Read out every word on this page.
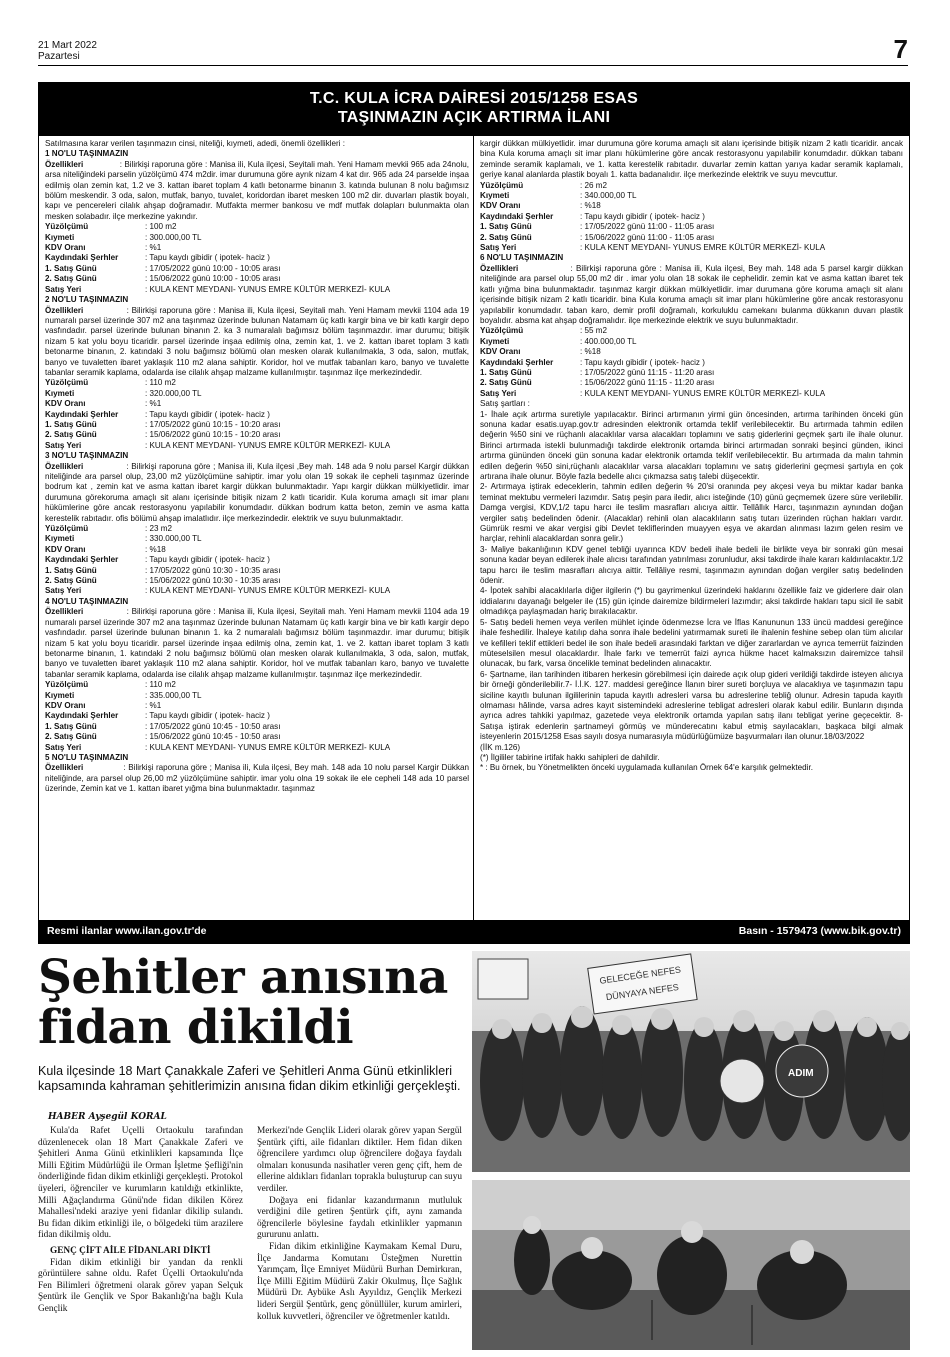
21 Mart 2022
Pazartesi	7
T.C. KULA İCRA DAİRESİ 2015/1258 ESAS
TAŞINMAZIN AÇIK ARTIRMA İLANI

Satılmasına karar verilen taşınmazın cinsi, niteliği, kıymeti, adedi, önemli özellikleri :

1 NO'LU TAŞINMAZIN

Özellikleri	: Bilirkişi raporuna göre : Manisa ili, Kula ilçesi, Seyitali mah. Yeni Hamam mevkii 965 ada 24nolu, arsa niteliğindeki parselin yüzölçümü 474 m2dir. imar durumuna göre ayrık nizam 4 kat dır. 965 ada 24 parselde inşaa edilmiş olan zemin kat, 1.2 ve 3. kattan ibaret toplam 4 katlı betonarme binanın 3. katında bulunan 8 nolu bağımsız bölüm meskendir. 3 oda, salon, mutfak, banyo, tuvalet, koridordan ibaret mesken 100 m2 dir. duvarları plastik boyalı, kapı ve pencereleri cilalık ahşap doğramadır. Mutfakta mermer bankosu ve mdf mutfak dolapları bulunmakta olan mesken solabadır. ilçe merkezine yakındır.

Yüzölçümü	: 100 m2
Kıymeti	: 300.000,00 TL
KDV Oranı	: %1
Kaydındaki Şerhler	: Tapu kaydı gibidir ( ipotek- haciz )
1. Satış Günü	: 17/05/2022 günü 10:00 - 10:05 arası
2. Satış Günü	: 15/06/2022 günü 10:00 - 10:05 arası
Satış Yeri	: KULA KENT MEYDANI- YUNUS EMRE KÜLTÜR MERKEZİ- KULA

2 NO'LU TAŞINMAZIN

Özellikleri	: Bilirkişi raporuna göre : Manisa ili, Kula ilçesi, Seyitali mah. Yeni Hamam mevkii 1104 ada 19 numaralı parsel üzerinde 307 m2 ana taşınmaz üzerinde bulunan Natamam üç katlı kargir bina ve bir katlı kargir depo vasfındadır. parsel üzerinde bulunan binanın 2. ka 3 numaralalı bağımsız bölüm taşınmazdır. imar durumu; bitişik nizam 5 kat yolu boyu ticaridir. parsel üzerinde inşaa edilmiş olna, zemin kat, 1. ve 2. kattan ibaret toplam 3 katlı betonarme binanın, 2. katındaki 3 nolu bağımsız bölümü olan mesken olarak kullanılmakla, 3 oda, salon, mutfak, banyo ve tuvaletten ibaret yaklaşık 110 m2 alana sahiptir. Koridor, hol ve mutfak tabanları karo, banyo ve tuvalette tabanlar seramik kaplama, odalarda ise cilalık ahşap malzame kullanılmıştır. taşınmaz ilçe merkezindedir.

Yüzölçümü	: 110 m2
Kıymeti	: 320.000,00 TL
KDV Oranı	: %1
Kaydındaki Şerhler	: Tapu kaydı gibidir ( ipotek- haciz )
1. Satış Günü	: 17/05/2022 günü 10:15 - 10:20 arası
2. Satış Günü	: 15/06/2022 günü 10:15 - 10:20 arası
Satış Yeri	: KULA KENT MEYDANI- YUNUS EMRE KÜLTÜR MERKEZİ- KULA

3 NO'LU TAŞINMAZIN

Özellikleri	: Bilirkişi raporuna göre ; Manisa ili, Kula ilçesi ,Bey mah. 148 ada 9 nolu parsel Kargir dükkan niteliğinde ara parsel olup, 23,00 m2 yüzölçümüne sahiptir. imar yolu olan 19 sokak ile cepheli taşınmaz üzerinde bodrum kat , zemin kat ve asma kattan ibaret kargir dükkan bulunmaktadır. Yapı kargir dükkan mülkiyetlidir. imar durumuna görekoruma amaçlı sit alanı içerisinde bitişik nizam 2 katlı ticaridir. Kula koruma amaçlı sit imar planı hükümlerine göre ancak restorasyonu yapılabilir konumdadır. dükkan bodrum katta beton, zemin ve asma katta kerestelik rabıtadır. ofis bölümü ahşap imalatlıdır. ilçe merkezindedir. elektrik ve suyu bulunmaktadır.

Yüzölçümü	: 23 m2
Kıymeti	: 330.000,00 TL
KDV Oranı	: %18
Kaydındaki Şerhler	: Tapu kaydı gibidir ( ipotek- haciz )
1. Satış Günü	: 17/05/2022 günü 10:30 - 10:35 arası
2. Satış Günü	: 15/06/2022 günü 10:30 - 10:35 arası
Satış Yeri	: KULA KENT MEYDANI- YUNUS EMRE KÜLTÜR MERKEZİ- KULA

4 NO'LU TAŞINMAZIN

Özellikleri	: Bilirkişi raporuna göre : Manisa ili, Kula ilçesi, Seyitali mah. Yeni Hamam mevkii 1104 ada 19 numaralı parsel üzerinde 307 m2 ana taşınmaz üzerinde bulunan Natamam üç katlı kargir bina ve bir katlı kargir depo vasfındadır. parsel üzerinde bulunan binanın 1. ka 2 numaralalı bağımsız bölüm taşınmazdır. imar durumu; bitişik nizam 5 kat yolu boyu ticaridir. parsel üzerinde inşaa edilmiş olna, zemin kat, 1. ve 2. kattan ibaret toplam 3 katlı betonarme binanın, 1. katındaki 2 nolu bağımsız bölümü olan mesken olarak kullanılmakla, 3 oda, salon, mutfak, banyo ve tuvaletten ibaret yaklaşık 110 m2 alana sahiptir. Koridor, hol ve mutfak tabanları karo, banyo ve tuvalette tabanlar seramik kaplama, odalarda ise cilalık ahşap malzame kullanılmıştır. taşınmaz ilçe merkezindedir.

Yüzölçümü	: 110 m2
Kıymeti	: 335.000,00 TL
KDV Oranı	: %1
Kaydındaki Şerhler	: Tapu kaydı gibidir ( ipotek- haciz )
1. Satış Günü	: 17/05/2022 günü 10:45 - 10:50 arası
2. Satış Günü	: 15/06/2022 günü 10:45 - 10:50 arası
Satış Yeri	: KULA KENT MEYDANI- YUNUS EMRE KÜLTÜR MERKEZİ- KULA

5 NO'LU TAŞINMAZIN

Özellikleri	: Bilirkişi raporuna göre ; Manisa ili, Kula ilçesi, Bey mah. 148 ada 10 nolu parsel Kargir Dükkan niteliğinde, ara parsel olup 26,00 m2 yüzölçümüne sahiptir. imar yolu olna 19 sokak ile ele cepheli 148 ada 10 parsel üzerinde, Zemin kat ve 1. kattan ibaret yığma bina bulunmaktadır. taşınmaz

kargir dükkan mülkiyetlidir. imar durumuna göre koruma amaçlı sit alanı içerisinde bitişik nizam 2 katlı ticaridir. ancak bina Kula koruma amaçlı sit imar planı hükümlerine göre ancak restorasyonu yapılabilir konumdadır. dükkan tabanı zeminde seramik kaplamalı, ve 1. katta kerestelik rabıtadır. duvarlar zemin kattan yarıya kadar seramik kaplamalı, geriye kanal alanlarda plastik boyalı 1. katta badanalıdır. ilçe merkezinde elektrik ve suyu mevcuttur.

Yüzölçümü	: 26 m2
Kıymeti	: 340.000,00 TL
KDV Oranı	: %18
Kaydındaki Şerhler	: Tapu kaydı gibidir ( ipotek- haciz )
1. Satış Günü	: 17/05/2022 günü 11:00 - 11:05 arası
2. Satış Günü	: 15/06/2022 günü 11:00 - 11:05 arası
Satış Yeri	: KULA KENT MEYDANI- YUNUS EMRE KÜLTÜR MERKEZİ- KULA

6 NO'LU TAŞINMAZIN

Özellikleri	: Bilirkişi raporuna göre : Manisa ili, Kula ilçesi, Bey mah. 148 ada 5 parsel kargir dükkan niteliğinde ara parsel olup 55,00 m2 dir . imar yolu olan 18 sokak ile cephelidir. zemin kat ve asma kattan ibaret tek katlı yığma bina bulunmaktadır. taşınmaz kargir dükkan mülkiyetlidir. imar durumana göre koruma amaçlı sit alanı içerisinde bitişik nizam 2 katlı ticaridir. bina Kula koruma amaçlı sit imar planı hükümlerine göre ancak restorasyonu yapılabilir konumdadır. taban karo, demir profil doğramalı, korkuluklu camekanı bulanma dükkanın duvarı plastik boyalıdır. absma kat ahşap doğramalıdır. ilçe merkezinde elektrik ve suyu bulunmaktadır.

Yüzölçümü	: 55 m2
Kıymeti	: 400.000,00 TL
KDV Oranı	: %18
Kaydındaki Şerhler	: Tapu kaydı gibidir ( ipotek- haciz )
1. Satış Günü	: 17/05/2022 günü 11:15 - 11:20 arası
2. Satış Günü	: 15/06/2022 günü 11:15 - 11:20 arası
Satış Yeri	: KULA KENT MEYDANI- YUNUS EMRE KÜLTÜR MERKEZİ- KULA

Satış şartları :

1- İhale açık artırma suretiyle yapılacaktır. Birinci artırmanın yirmi gün öncesinden, artırma tarihinden önceki gün sonuna kadar esatis.uyap.gov.tr adresinden elektronik ortamda teklif verilebilecektir. Bu artırmada tahmin edilen değerin %50 sini ve rüçhanlı alacaklılar varsa alacakları toplamını ve satış giderlerini geçmek şartı ile ihale olunur. Birinci artırmada istekli bulunmadığı takdirde elektronik ortamda birinci artırmadan sonraki beşinci günden, ikinci artırma gününden önceki gün sonuna kadar elektronik ortamda teklif verilebilecektir. Bu artırmada da malın tahmin edilen değerin %50 sini,rüçhanlı alacaklılar varsa alacakları toplamını ve satış giderlerini geçmesi şartıyla en çok artırana ihale olunur. Böyle fazla bedelle alıcı çıkmazsa satış talebi düşecektir.

2- Artırmaya iştirak edeceklerin, tahmin edilen değerin % 20'si oranında pey akçesi veya bu miktar kadar banka teminat mektubu vermeleri lazımdır. Satış peşin para iledir, alıcı isteğinde (10) günü geçmemek üzere süre verilebilir. Damga vergisi, KDV,1/2 tapu harcı ile teslim masrafları alıcıya aittir. Tellâllık Harcı, taşınmazın aynından doğan vergiler satış bedelinden ödenir. (Alacaklar) rehinli olan alacaklıların satış tutarı üzerinden rüçhan hakları vardır. Gümrük resmi ve akar vergisi gibi Devlet tekliflerinden muayyen eşya ve akardan alınması lazım gelen resim ve harçlar, rehinli alacaklardan sonra gelir.)

3- Maliye bakanlığının KDV genel tebliği uyarınca KDV bedeli ihale bedeli ile birlikte veya bir sonraki gün mesai sonuna kadar beyan edilerek ihale alıcısı tarafından yatırılması zorunludur, aksi takdirde ihale kararı kaldırılacaktır.1/2 tapu harcı ile teslim masrafları alıcıya aittir. Tellâliye resmi, taşınmazın aynından doğan vergiler satış bedelinden ödenir.

4- İpotek sahibi alacaklılarla diğer ilgilerin (*) bu gayrimenkul üzerindeki haklarını özellikle faiz ve giderlere dair olan iddialarını dayanağı belgeler ile (15) gün içinde dairemize bildirmeleri lazımdır; aksi takdirde hakları tapu sicil ile sabit olmadıkça paylaşmadan hariç bırakılacaktır.

5- Satış bedeli hemen veya verilen mühlet içinde ödenmezse İcra ve İflas Kanununun 133 üncü maddesi gereğince ihale feshedilir. İhaleye katılıp daha sonra ihale bedelini yatırmamak sureti ile ihalenin feshine sebep olan tüm alıcılar ve kefilleri teklif ettikleri bedel ile son ihale bedeli arasındaki farktan ve diğer zararlardan ve ayrıca temerrüt faizinden müteselsilen mesul olacaklardır. İhale farkı ve temerrüt faizi ayrıca hükme hacet kalmaksızın dairemizce tahsil olunacak, bu fark, varsa öncelikle teminat bedelinden alınacaktır.

6- Şartname, ilan tarihinden itibaren herkesin görebilmesi için dairede açık olup gideri verildiği takdirde isteyen alıcıya bir örneği gönderilebilir.7- İ.İ.K. 127. maddesi gereğince İlanın birer sureti borçluya ve alacaklıya ve taşınmazın tapu siciline kayıtlı bulunan ilgililerinin tapuda kayıtlı adresleri varsa bu adreslerine tebliğ olunur. Adresin tapuda kayıtlı olmaması hâlinde, varsa adres kayıt sistemindeki adreslerine tebligat adresleri olarak kabul edilir. Bunların dışında ayrıca adres tahkiki yapılmaz, gazetede veya elektronik ortamda yapılan satış ilanı tebligat yerine geçecektir. 8- Satışa iştirak edenlerin şartnameyi görmüş ve münderecatını kabul etmiş sayılacakları, başkaca bilgi almak isteyenlerin 2015/1258 Esas sayılı dosya numarasıyla müdürlüğümüze başvurmaları ilan olunur.18/03/2022

(İİK m.126)

(*) İlgililer tabirine irtifak hakkı sahipleri de dahildir.

* : Bu örnek, bu Yönetmelikten önceki uygulamada kullanılan Örnek 64'e karşılık gelmektedir.

Resmi ilanlar www.ilan.gov.tr'de	Basın - 1579473 (www.bik.gov.tr)
Şehitler anısına
fidan dikildi
GELECEĞE NEFES
DÜNYAYA NEFES
ADIM
Kula ilçesinde 18 Mart Çanakkale Zaferi ve Şehitleri Anma Günü etkinlikleri kapsamında kahraman şehitlerimizin anısına fidan dikim etkinliği gerçekleşti.
HABER Ayşegül KORAL

Kula'da Rafet Üçelli Ortaokulu tarafından düzenlenecek olan 18 Mart Çanakkale Zaferi ve Şehitleri Anma Günü etkinlikleri kapsamında İlçe Milli Eğitim Müdürlüğü ile Orman İşletme Şefliği'nin önderliğinde fidan dikim etkinliği gerçekleşti. Protokol üyeleri, öğrenciler ve kurumların katıldığı etkinlikte, Milli Ağaçlandırma Günü'nde fidan dikilen Körez Mahallesi'ndeki araziye yeni fidanlar dikilip sulandı. Bu fidan dikim etkinliği ile, o bölgedeki tüm arazilere fidan dikilmiş oldu.

GENÇ ÇİFT AİLE FİDANLARI DİKTİ

Fidan dikim etkinliği bir yandan da renkli görüntülere sahne oldu. Rafet Üçelli Ortaokulu'nda Fen Bilimleri öğretmeni olarak görev yapan Selçuk Şentürk ile Gençlik ve Spor Bakanlığı'na bağlı Kula Gençlik

Merkezi'nde Gençlik Lideri olarak görev yapan Sergül Şentürk çifti, aile fidanları diktiler. Hem fidan diken öğrencilere yardımcı olup öğrencilere doğaya faydalı olmaları konusunda nasihatler veren genç çift, hem de ellerine aldıkları fidanları toprakla buluşturup can suyu verdiler.

Doğaya eni fidanlar kazandırmanın mutluluk verdiğini dile getiren Şentürk çift, aynı zamanda öğrencilerle böylesine faydalı etkinlikler yapmanın gururunu anlattı.

Fidan dikim etkinliğine Kaymakam Kemal Duru, İlçe Jandarma Komutanı Üsteğmen Nurettin Yarımçam, İlçe Emniyet Müdürü Burhan Demirkıran, İlçe Milli Eğitim Müdürü Zakir Okulmuş, İlçe Sağlık Müdürü Dr. Aybüke Aslı Ayyıldız, Gençlik Merkezi lideri Sergül Şentürk, genç gönüllüler, kurum amirleri, kolluk kuvvetleri, öğrenciler ve öğretmenler katıldı.
